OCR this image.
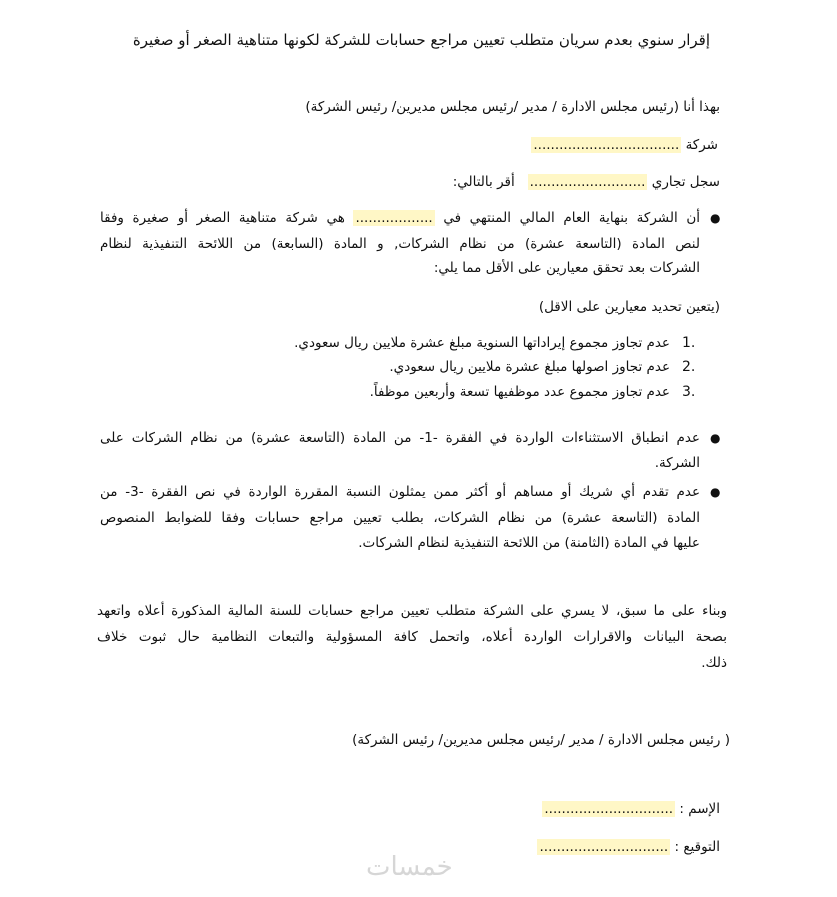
إقرار سنوي بعدم سريان متطلب تعيين مراجع حسابات للشركة لكونها متناهية الصغر أو صغيرة
بهذا أنا (رئيس مجلس الادارة / مدير /رئيس مجلس مديرين/ رئيس الشركة)
شركة ..................................
سجل تجاري ...........................   أقر بالتالي:
●
أن الشركة بنهاية العام المالي المنتهي في .................. هي شركة متناهية الصغر أو صغيرة وفقا
لنص المادة (التاسعة عشرة) من نظام الشركات, و المادة (السابعة) من اللائحة التنفيذية لنظام
الشركات بعد تحقق معيارين على الأقل مما يلي:
(يتعين تحديد معيارين على الاقل)
1.
عدم تجاوز مجموع إيراداتها السنوية مبلغ عشرة ملايين ريال سعودي.
2.
عدم تجاوز اصولها مبلغ عشرة ملايين ريال سعودي.
3.
عدم تجاوز مجموع عدد موظفيها تسعة وأربعين موظفاً.
●
عدم انطباق الاستثناءات الواردة في الفقرة -1- من المادة (التاسعة عشرة) من نظام الشركات على
الشركة.
●
عدم تقدم أي شريك أو مساهم أو أكثر ممن يمثلون النسبة المقررة الواردة في نص الفقرة -3- من
المادة (التاسعة عشرة) من نظام الشركات، بطلب تعيين مراجع حسابات وفقا للضوابط المنصوص
عليها في المادة (الثامنة) من اللائحة التنفيذية لنظام الشركات.
وبناء على ما سبق، لا يسري على الشركة متطلب تعيين مراجع حسابات للسنة المالية المذكورة أعلاه واتعهد
بصحة البيانات والاقرارات الواردة أعلاه، واتحمل كافة المسؤولية والتبعات النظامية حال ثبوت خلاف
ذلك.
( رئيس مجلس الادارة / مدير /رئيس مجلس مديرين/ رئيس الشركة)
الإسم : ..............................
التوقيع : ..............................
خمسات
